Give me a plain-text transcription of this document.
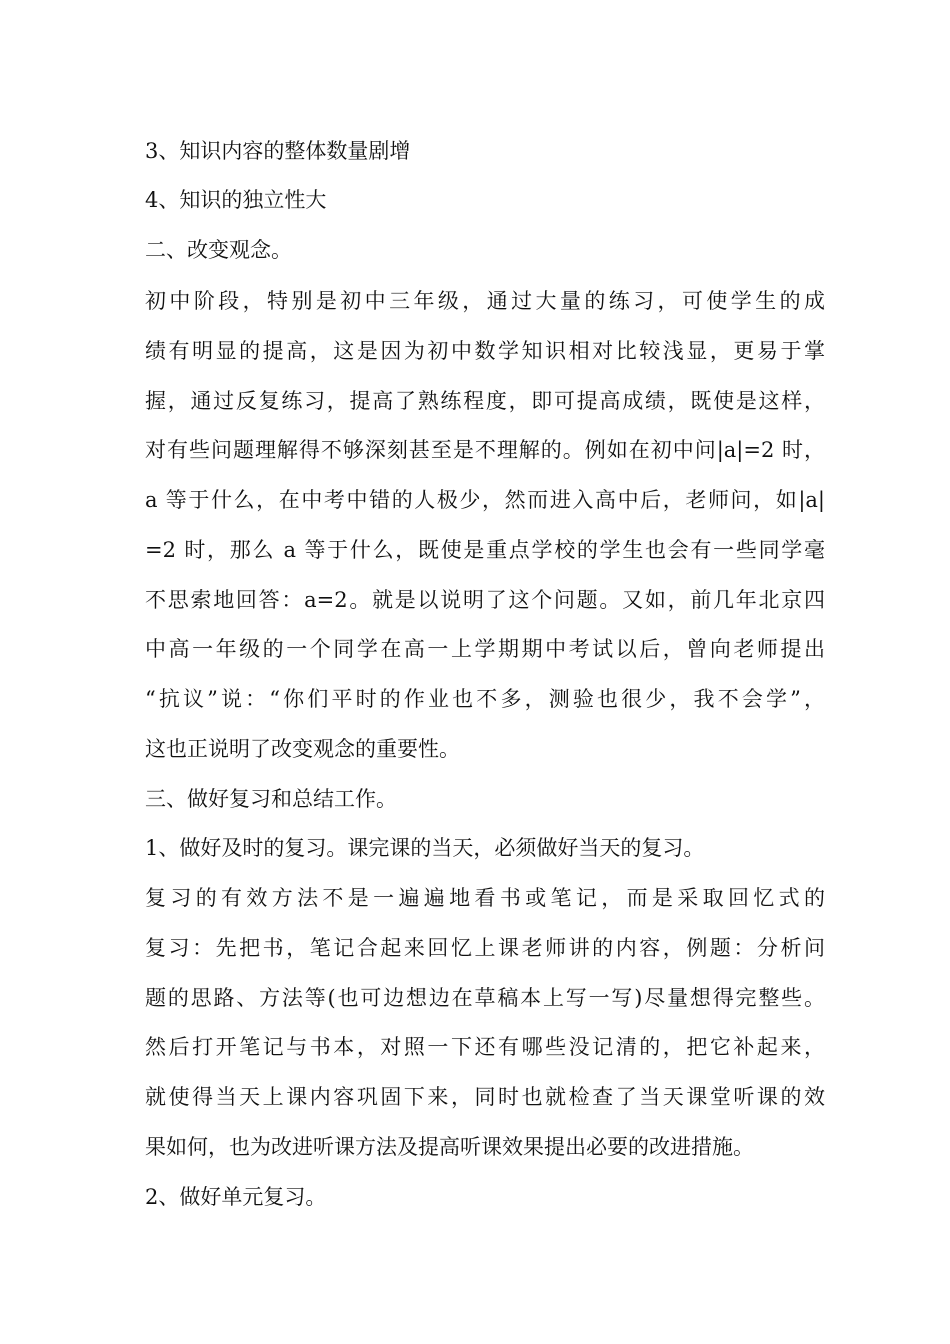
3、知识内容的整体数量剧增
4、知识的独立性大
二、改变观念。
初中阶段，特别是初中三年级，通过大量的练习，可使学生的成
绩有明显的提高，这是因为初中数学知识相对比较浅显，更易于掌
握，通过反复练习，提高了熟练程度，即可提高成绩，既使是这样，
对有些问题理解得不够深刻甚至是不理解的。例如在初中问|a|=2 时，
a 等于什么，在中考中错的人极少，然而进入高中后，老师问，如|a|
=2 时，那么 a 等于什么，既使是重点学校的学生也会有一些同学毫
不思索地回答：a=2。就是以说明了这个问题。又如，前几年北京四
中高一年级的一个同学在高一上学期期中考试以后，曾向老师提出
“抗议”说：“你们平时的作业也不多，测验也很少，我不会学”，
这也正说明了改变观念的重要性。
三、做好复习和总结工作。
1、做好及时的复习。课完课的当天，必须做好当天的复习。
复习的有效方法不是一遍遍地看书或笔记，而是采取回忆式的
复习：先把书，笔记合起来回忆上课老师讲的内容，例题：分析问
题的思路、方法等(也可边想边在草稿本上写一写)尽量想得完整些。
然后打开笔记与书本，对照一下还有哪些没记清的，把它补起来，
就使得当天上课内容巩固下来，同时也就检查了当天课堂听课的效
果如何，也为改进听课方法及提高听课效果提出必要的改进措施。
2、做好单元复习。
